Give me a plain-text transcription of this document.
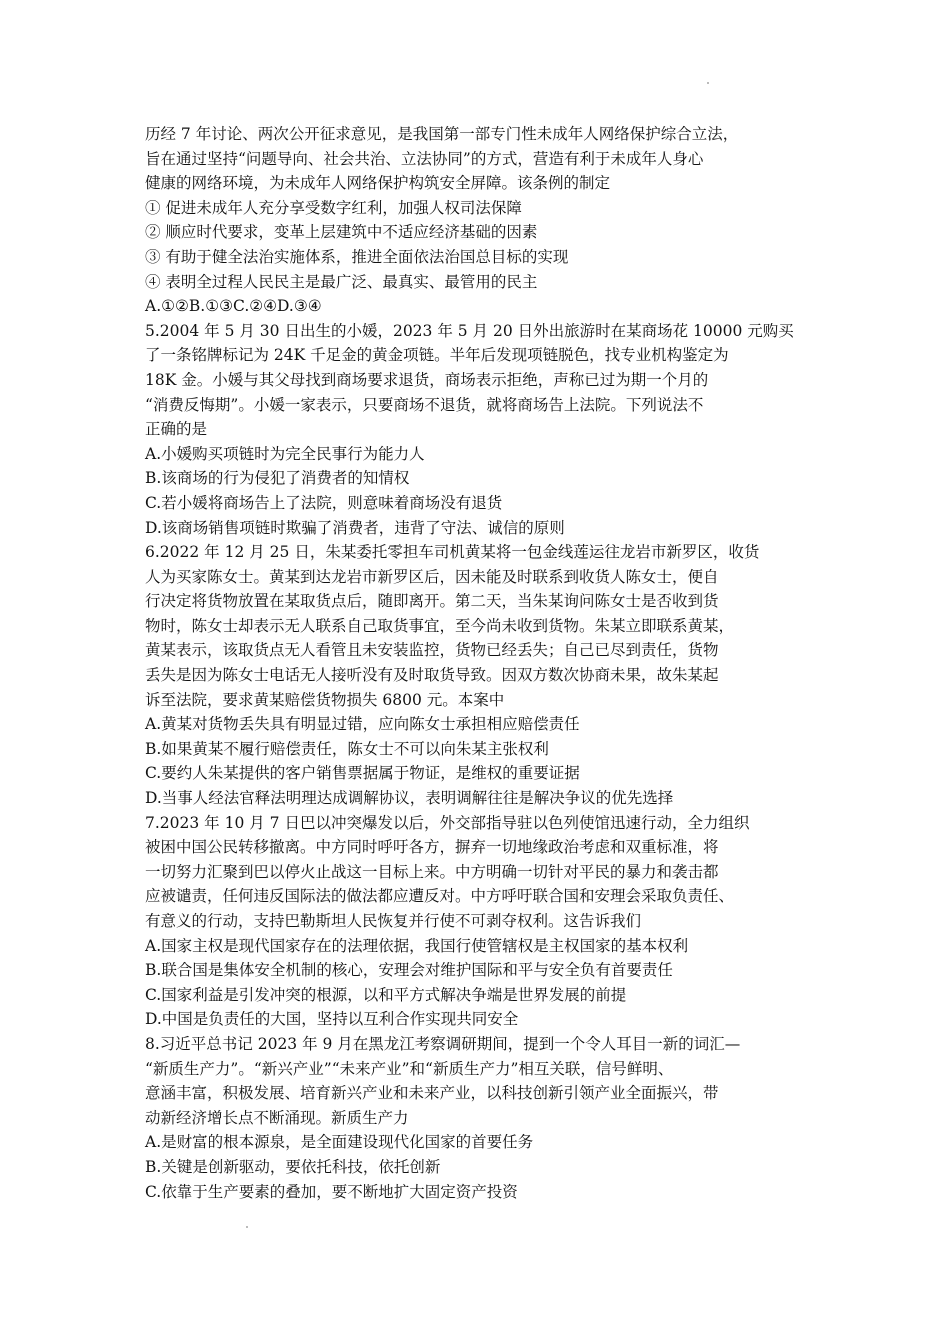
历经 7 年讨论、两次公开征求意见，是我国第一部专门性未成年人网络保护综合立法，
旨在通过坚持“问题导向、社会共治、立法协同”的方式，营造有利于未成年人身心
健康的网络环境，为未成年人网络保护构筑安全屏障。该条例的制定
① 促进未成年人充分享受数字红利，加强人权司法保障
② 顺应时代要求，变革上层建筑中不适应经济基础的因素
③ 有助于健全法治实施体系，推进全面依法治国总目标的实现
④ 表明全过程人民民主是最广泛、最真实、最管用的民主
A.①②B.①③C.②④D.③④
5.2004 年 5 月 30 日出生的小媛，2023 年 5 月 20 日外出旅游时在某商场花 10000 元购买
了一条铭牌标记为 24K 千足金的黄金项链。半年后发现项链脱色，找专业机构鉴定为
18K 金。小媛与其父母找到商场要求退货，商场表示拒绝，声称已过为期一个月的
“消费反悔期”。小媛一家表示，只要商场不退货，就将商场告上法院。下列说法不
正确的是
A.小媛购买项链时为完全民事行为能力人
B.该商场的行为侵犯了消费者的知情权
C.若小媛将商场告上了法院，则意味着商场没有退货
D.该商场销售项链时欺骗了消费者，违背了守法、诚信的原则
6.2022 年 12 月 25 日，朱某委托零担车司机黄某将一包金线莲运往龙岩市新罗区，收货
人为买家陈女士。黄某到达龙岩市新罗区后，因未能及时联系到收货人陈女士，便自
行决定将货物放置在某取货点后，随即离开。第二天，当朱某询问陈女士是否收到货
物时，陈女士却表示无人联系自己取货事宜，至今尚未收到货物。朱某立即联系黄某，
黄某表示，该取货点无人看管且未安装监控，货物已经丢失；自己已尽到责任，货物
丢失是因为陈女士电话无人接听没有及时取货导致。因双方数次协商未果，故朱某起
诉至法院，要求黄某赔偿货物损失 6800 元。本案中
A.黄某对货物丢失具有明显过错，应向陈女士承担相应赔偿责任
B.如果黄某不履行赔偿责任，陈女士不可以向朱某主张权利
C.要约人朱某提供的客户销售票据属于物证，是维权的重要证据
D.当事人经法官释法明理达成调解协议，表明调解往往是解决争议的优先选择
7.2023 年 10 月 7 日巴以冲突爆发以后，外交部指导驻以色列使馆迅速行动，全力组织
被困中国公民转移撤离。中方同时呼吁各方，摒弃一切地缘政治考虑和双重标准，将
一切努力汇聚到巴以停火止战这一目标上来。中方明确一切针对平民的暴力和袭击都
应被谴责，任何违反国际法的做法都应遭反对。中方呼吁联合国和安理会采取负责任、
有意义的行动，支持巴勒斯坦人民恢复并行使不可剥夺权利。这告诉我们
A.国家主权是现代国家存在的法理依据，我国行使管辖权是主权国家的基本权利
B.联合国是集体安全机制的核心，安理会对维护国际和平与安全负有首要责任
C.国家利益是引发冲突的根源，以和平方式解决争端是世界发展的前提
D.中国是负责任的大国，坚持以互利合作实现共同安全
8.习近平总书记 2023 年 9 月在黑龙江考察调研期间，提到一个令人耳目一新的词汇—
“新质生产力”。“新兴产业”“未来产业”和“新质生产力”相互关联，信号鲜明、
意涵丰富，积极发展、培育新兴产业和未来产业，以科技创新引领产业全面振兴，带
动新经济增长点不断涌现。新质生产力
A.是财富的根本源泉，是全面建设现代化国家的首要任务
B.关键是创新驱动，要依托科技，依托创新
C.依靠于生产要素的叠加，要不断地扩大固定资产投资
